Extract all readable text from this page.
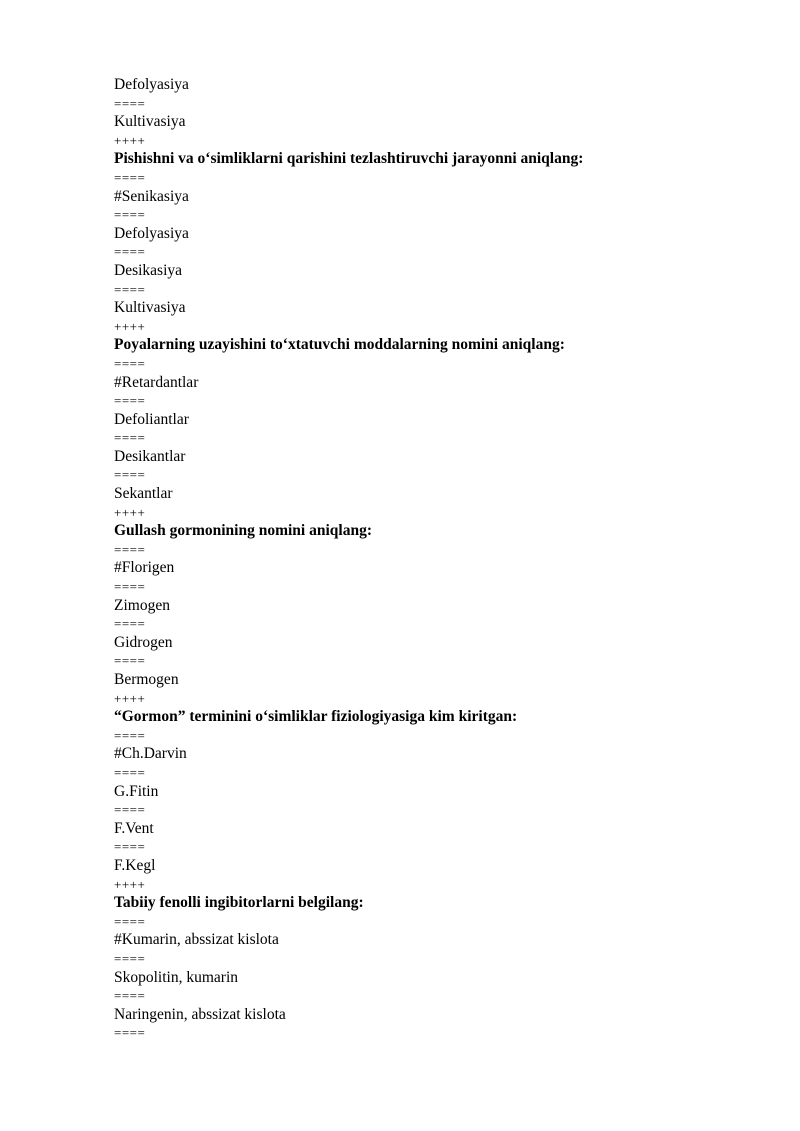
Defolyasiya

====

Kultivasiya

++++

Pishishni va o‘simliklarni qarishini tezlashtiruvchi jarayonni aniqlang:

====

#Senikasiya

====

Defolyasiya

====

Desikasiya

====

Kultivasiya

++++

Poyalarning uzayishini to‘xtatuvchi moddalarning nomini aniqlang:

====

#Retardantlar

====

Defoliantlar

====

Desikantlar

====

Sekantlar

++++

Gullash gormonining nomini aniqlang:

====

#Florigen

====

Zimogen

====

Gidrogen

====

Bermogen

++++

“Gormon” terminini o‘simliklar fiziologiyasiga kim kiritgan:

====

#Ch.Darvin

====

G.Fitin

====

F.Vent

====

F.Kegl

++++

Tabiiy fenolli ingibitorlarni belgilang:

====

#Kumarin, abssizat kislota

====

Skopolitin, kumarin

====

Naringenin, abssizat kislota

====
